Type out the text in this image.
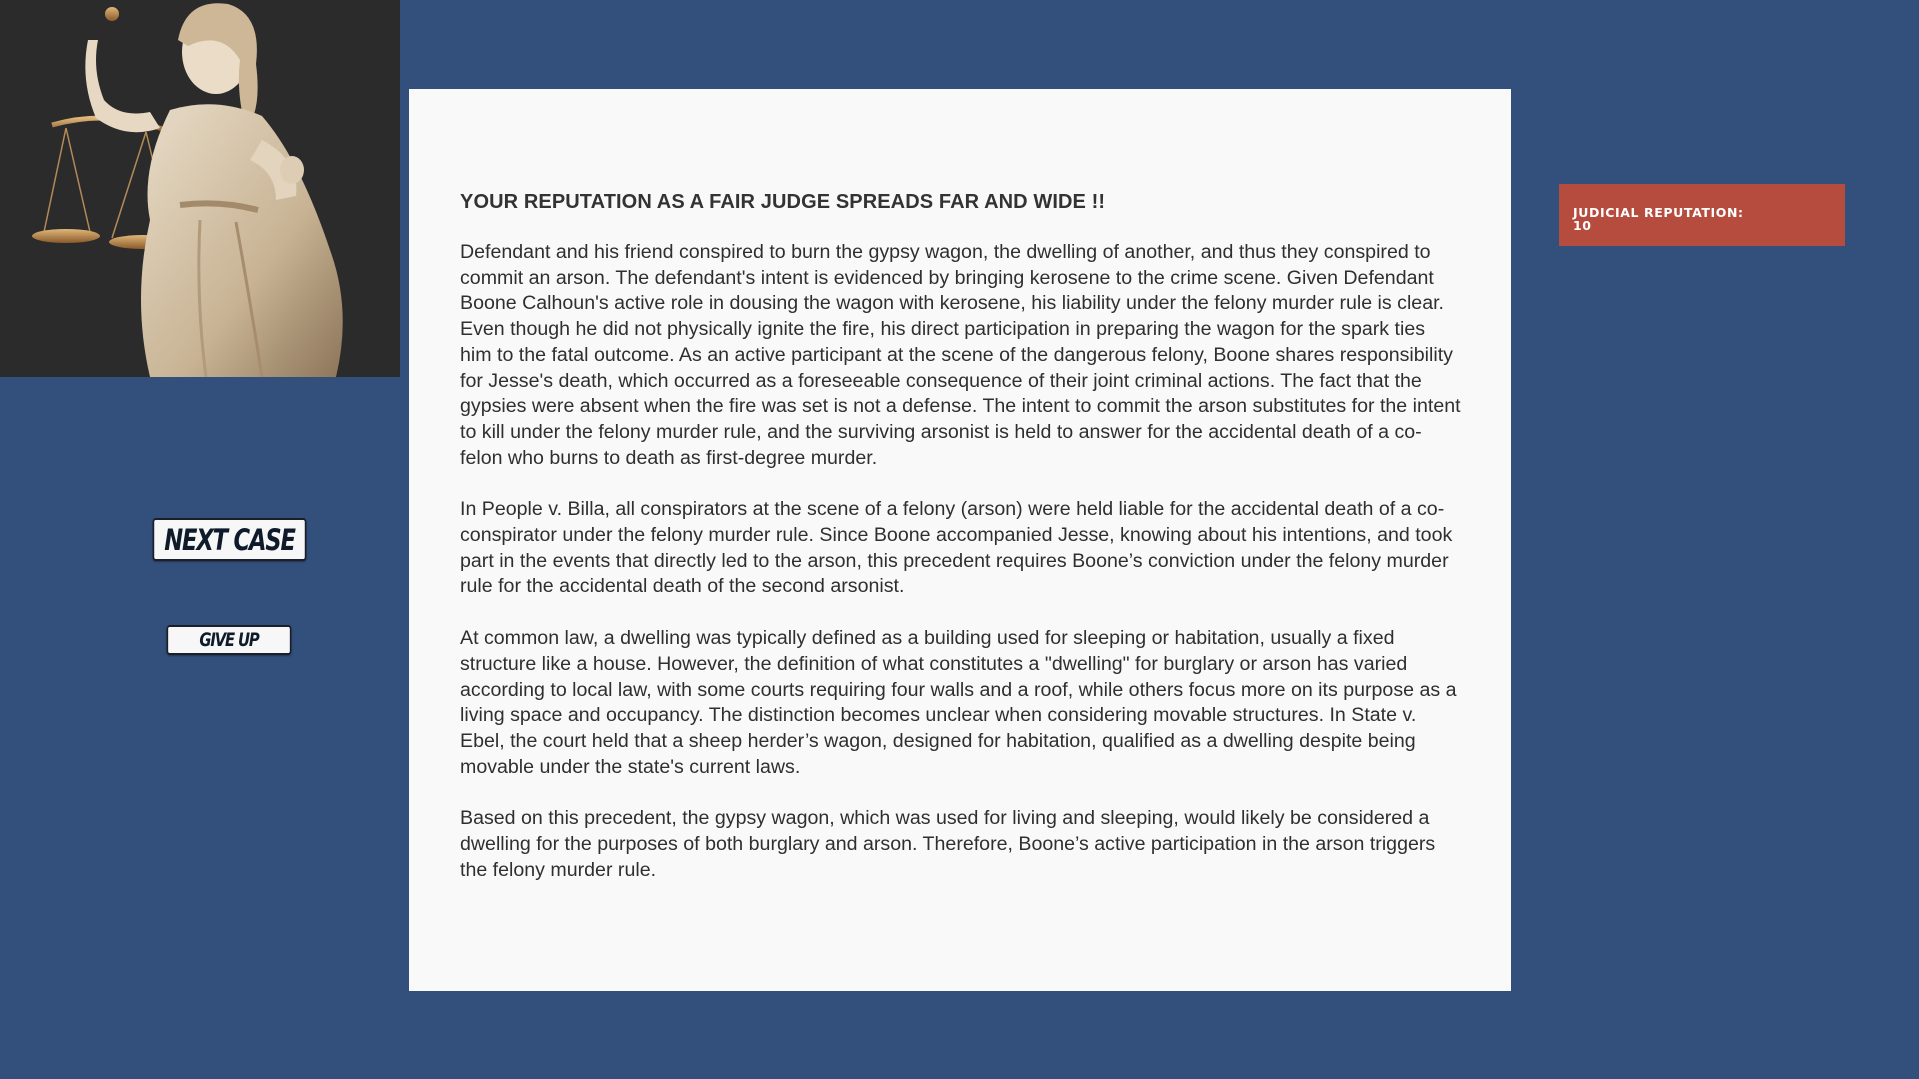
NEXT CASE
GIVE UP
YOUR REPUTATION AS A FAIR JUDGE SPREADS FAR AND WIDE !!

Defendant and his friend conspired to burn the gypsy wagon, the dwelling of another, and thus they conspired to commit an arson. The defendant's intent is evidenced by bringing kerosene to the crime scene. Given Defendant Boone Calhoun's active role in dousing the wagon with kerosene, his liability under the felony murder rule is clear. Even though he did not physically ignite the fire, his direct participation in preparing the wagon for the spark ties him to the fatal outcome. As an active participant at the scene of the dangerous felony, Boone shares responsibility for Jesse's death, which occurred as a foreseeable consequence of their joint criminal actions. The fact that the gypsies were absent when the fire was set is not a defense. The intent to commit the arson substitutes for the intent to kill under the felony murder rule, and the surviving arsonist is held to answer for the accidental death of a co-felon who burns to death as first-degree murder.

In People v. Billa, all conspirators at the scene of a felony (arson) were held liable for the accidental death of a co-conspirator under the felony murder rule. Since Boone accompanied Jesse, knowing about his intentions, and took part in the events that directly led to the arson, this precedent requires Boone’s conviction under the felony murder rule for the accidental death of the second arsonist.

At common law, a dwelling was typically defined as a building used for sleeping or habitation, usually a fixed structure like a house. However, the definition of what constitutes a "dwelling" for burglary or arson has varied according to local law, with some courts requiring four walls and a roof, while others focus more on its purpose as a living space and occupancy. The distinction becomes unclear when considering movable structures. In State v. Ebel, the court held that a sheep herder’s wagon, designed for habitation, qualified as a dwelling despite being movable under the state's current laws.

Based on this precedent, the gypsy wagon, which was used for living and sleeping, would likely be considered a dwelling for the purposes of both burglary and arson. Therefore, Boone’s active participation in the arson triggers the felony murder rule.

JUDICIAL REPUTATION:
10
